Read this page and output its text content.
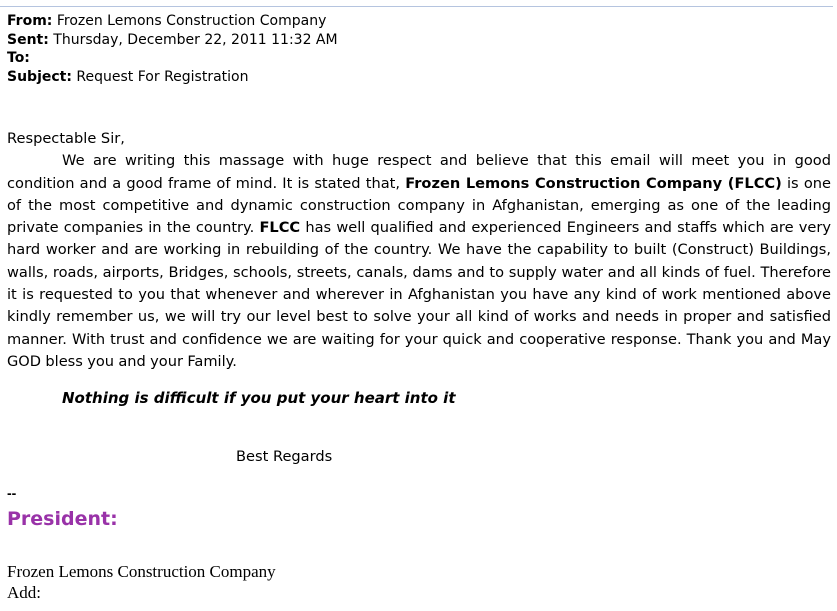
From: Frozen Lemons Construction Company
Sent: Thursday, December 22, 2011 11:32 AM
To:
Subject: Request For Registration

Respectable Sir,

We are writing this massage with huge respect and believe that this email will meet you in good condition and a good frame of mind. It is stated that, Frozen Lemons Construction Company (FLCC) is one of the most competitive and dynamic construction company in Afghanistan, emerging as one of the leading private companies in the country. FLCC has well qualified and experienced Engineers and staffs which are very hard worker and are working in rebuilding of the country. We have the capability to built (Construct) Buildings, walls, roads, airports, Bridges, schools, streets, canals, dams and to supply water and all kinds of fuel. Therefore it is requested to you that whenever and wherever in Afghanistan you have any kind of work mentioned above kindly remember us, we will try our level best to solve your all kind of works and needs in proper and satisfied manner. With trust and confidence we are waiting for your quick and cooperative response. Thank you and May GOD bless you and your Family.

Nothing is difficult if you put your heart into it
Best Regards
--
President:
Frozen Lemons Construction Company
Add:
